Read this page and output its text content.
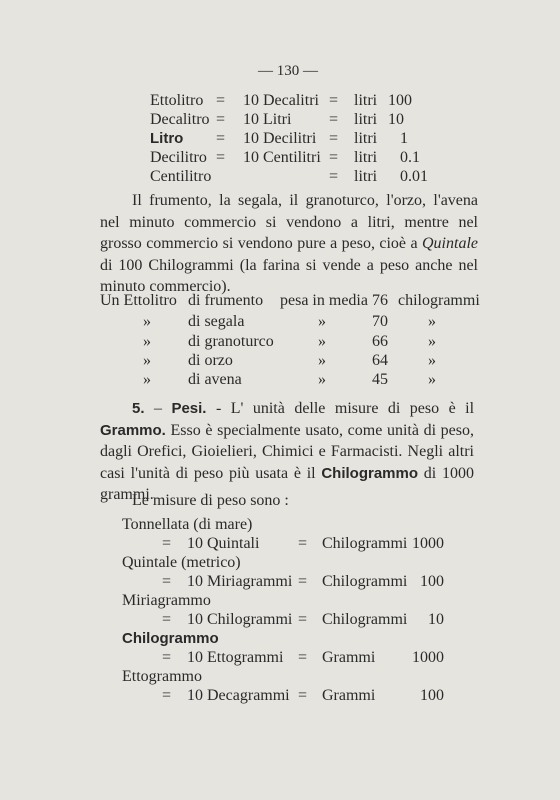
— 130 —
Ettolitro = 10 Decalitri = litri 100
Decalitro = 10 Litri = litri 10
Litro = 10 Decilitri = litri 1
Decilitro = 10 Centilitri = litri 0.1
Centilitro	= litri 0.01

Il frumento, la segala, il granoturco, l'orzo, l'avena nel minuto commercio si vendono a litri, mentre nel grosso commercio si vendono pure a peso, cioè a Quintale di 100 Chilogrammi (la farina si vende a peso anche nel minuto commercio).

Un Ettolitro di frumento pesa in media 76 chilogrammi
» di segala	»	70	»
» di granoturco	»	66	»
» di orzo	»	64	»
» di avena	»	45	»

5. – Pesi. - L' unità delle misure di peso è il Grammo. Esso è specialmente usato, come unità di peso, dagli Orefici, Gioielieri, Chimici e Farmacisti. Negli altri casi l'unità di peso più usata è il Chilogrammo di 1000 grammi.

Le misure di peso sono :
Tonnellata (di mare)
= 10 Quintali = Chilogrammi 1000
Quintale (metrico)
= 10 Miriagrammi = Chilogrammi 100
Miriagrammo
= 10 Chilogrammi = Chilogrammi 10
Chilogrammo
= 10 Ettogrammi = Grammi 1000
Ettogrammo
= 10 Decagrammi = Grammi	100
